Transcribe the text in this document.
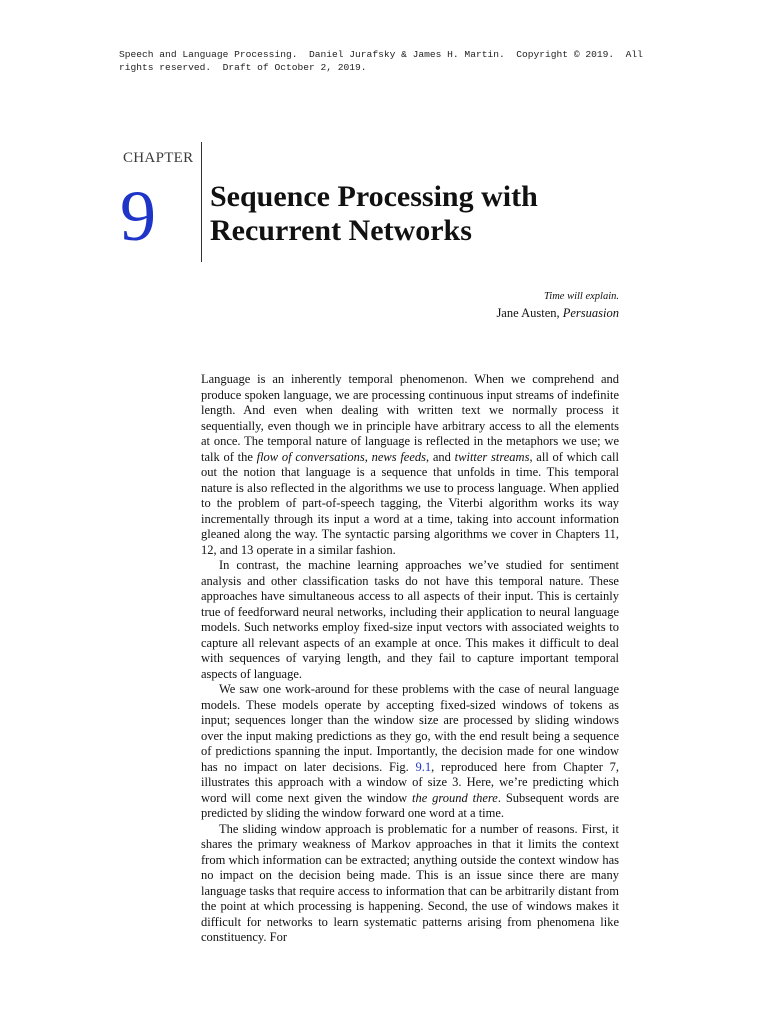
Speech and Language Processing.  Daniel Jurafsky & James H. Martin.  Copyright © 2019.  All

rights reserved.  Draft of October 2, 2019.

CHAPTER
9 Sequence Processing with
Recurrent Networks
Time will explain.
Jane Austen, Persuasion

Language is an inherently temporal phenomenon. When we comprehend and produce spoken language, we are processing continuous input streams of indefinite length. And even when dealing with written text we normally process it sequentially, even though we in principle have arbitrary access to all the elements at once. The temporal nature of language is reflected in the metaphors we use; we talk of the flow of conversations, news feeds, and twitter streams, all of which call out the notion that language is a sequence that unfolds in time. This temporal nature is also reflected in the algorithms we use to process language. When applied to the problem of part-of-speech tagging, the Viterbi algorithm works its way incrementally through its input a word at a time, taking into account information gleaned along the way. The syntactic parsing algorithms we cover in Chapters 11, 12, and 13 operate in a similar fashion.

In contrast, the machine learning approaches we’ve studied for sentiment analysis and other classification tasks do not have this temporal nature. These approaches have simultaneous access to all aspects of their input. This is certainly true of feedforward neural networks, including their application to neural language models. Such networks employ fixed-size input vectors with associated weights to capture all relevant aspects of an example at once. This makes it difficult to deal with sequences of varying length, and they fail to capture important temporal aspects of language.

We saw one work-around for these problems with the case of neural language models. These models operate by accepting fixed-sized windows of tokens as input; sequences longer than the window size are processed by sliding windows over the input making predictions as they go, with the end result being a sequence of predictions spanning the input. Importantly, the decision made for one window has no impact on later decisions. Fig. 9.1, reproduced here from Chapter 7, illustrates this approach with a window of size 3. Here, we’re predicting which word will come next given the window the ground there. Subsequent words are predicted by sliding the window forward one word at a time.

The sliding window approach is problematic for a number of reasons. First, it shares the primary weakness of Markov approaches in that it limits the context from which information can be extracted; anything outside the context window has no impact on the decision being made. This is an issue since there are many language tasks that require access to information that can be arbitrarily distant from the point at which processing is happening. Second, the use of windows makes it difficult for networks to learn systematic patterns arising from phenomena like constituency. For
